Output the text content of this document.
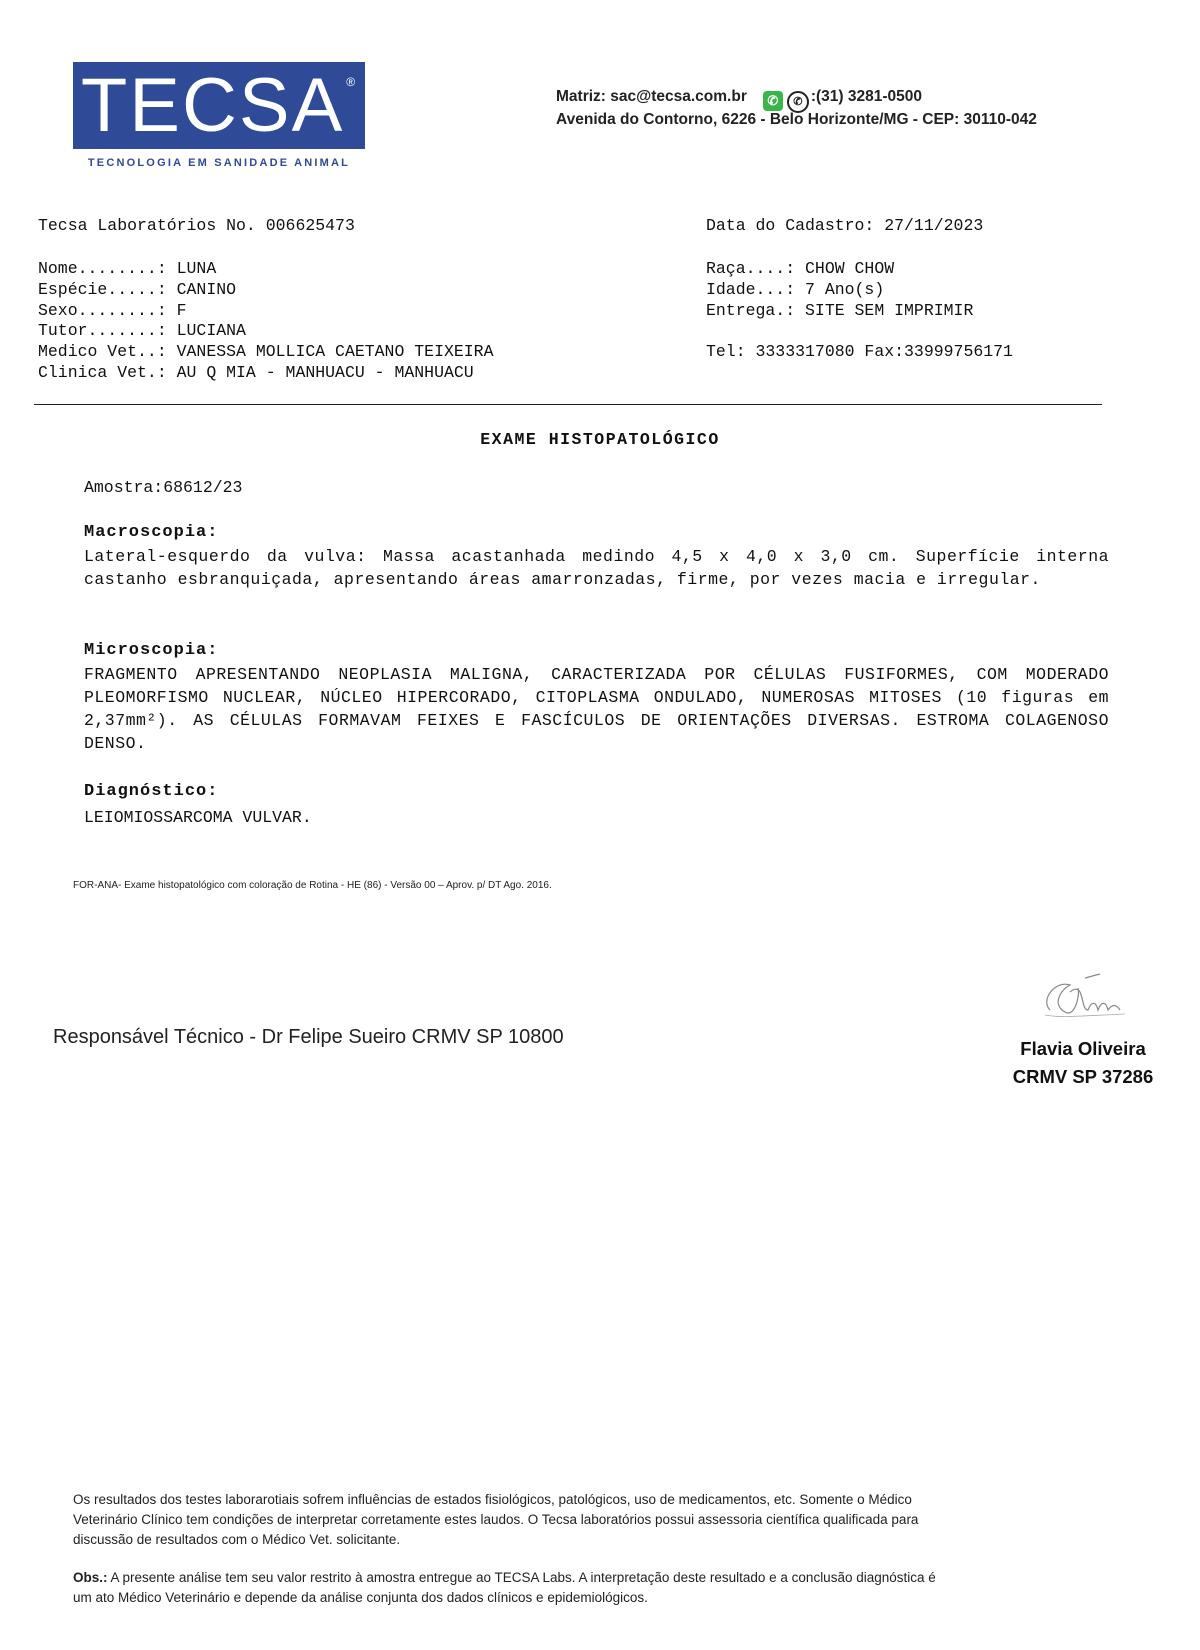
TECSA ®
TECNOLOGIA EM SANIDADE ANIMAL
Matriz: sac@tecsa.com.br ✆ ✆ :(31) 3281-0500
Avenida do Contorno, 6226 - Belo Horizonte/MG - CEP: 30110-042
Tecsa Laboratórios No. 006625473	Data do Cadastro: 27/11/2023
Nome........: LUNA
Espécie.....: CANINO
Sexo........: F
Tutor.......: LUCIANA
Medico Vet..: VANESSA MOLLICA CAETANO TEIXEIRA
Clinica Vet.: AU Q MIA - MANHUACU - MANHUACU
Raça....: CHOW CHOW
Idade...: 7 Ano(s)
Entrega.: SITE SEM IMPRIMIR
Tel: 3333317080 Fax:33999756171
EXAME HISTOPATOLÓGICO
Amostra:68612/23
Macroscopia:
Lateral-esquerdo da vulva: Massa acastanhada medindo 4,5 x 4,0 x 3,0 cm. Superfície interna castanho esbranquiçada, apresentando áreas amarronzadas, firme, por vezes macia e irregular.
Microscopia:
FRAGMENTO APRESENTANDO NEOPLASIA MALIGNA, CARACTERIZADA POR CÉLULAS FUSIFORMES, COM MODERADO PLEOMORFISMO NUCLEAR, NÚCLEO HIPERCORADO, CITOPLASMA ONDULADO, NUMEROSAS MITOSES (10 figuras em 2,37mm²). AS CÉLULAS FORMAVAM FEIXES E FASCÍCULOS DE ORIENTAÇÕES DIVERSAS. ESTROMA COLAGENOSO DENSO.
Diagnóstico:
LEIOMIOSSARCOMA VULVAR.
FOR-ANA- Exame histopatológico com coloração de Rotina - HE (86) - Versão 00 – Aprov. p/ DT Ago. 2016.
Responsável Técnico - Dr Felipe Sueiro CRMV SP 10800
Flavia Oliveira
CRMV SP 37286
Os resultados dos testes laborarotiais sofrem influências de estados fisiológicos, patológicos, uso de medicamentos, etc. Somente o Médico Veterinário Clínico tem condições de interpretar corretamente estes laudos. O Tecsa laboratórios possui assessoria científica qualificada para discussão de resultados com o Médico Vet. solicitante.
Obs.: A presente análise tem seu valor restrito à amostra entregue ao TECSA Labs. A interpretação deste resultado e a conclusão diagnóstica é um ato Médico Veterinário e depende da análise conjunta dos dados clínicos e epidemiológicos.
